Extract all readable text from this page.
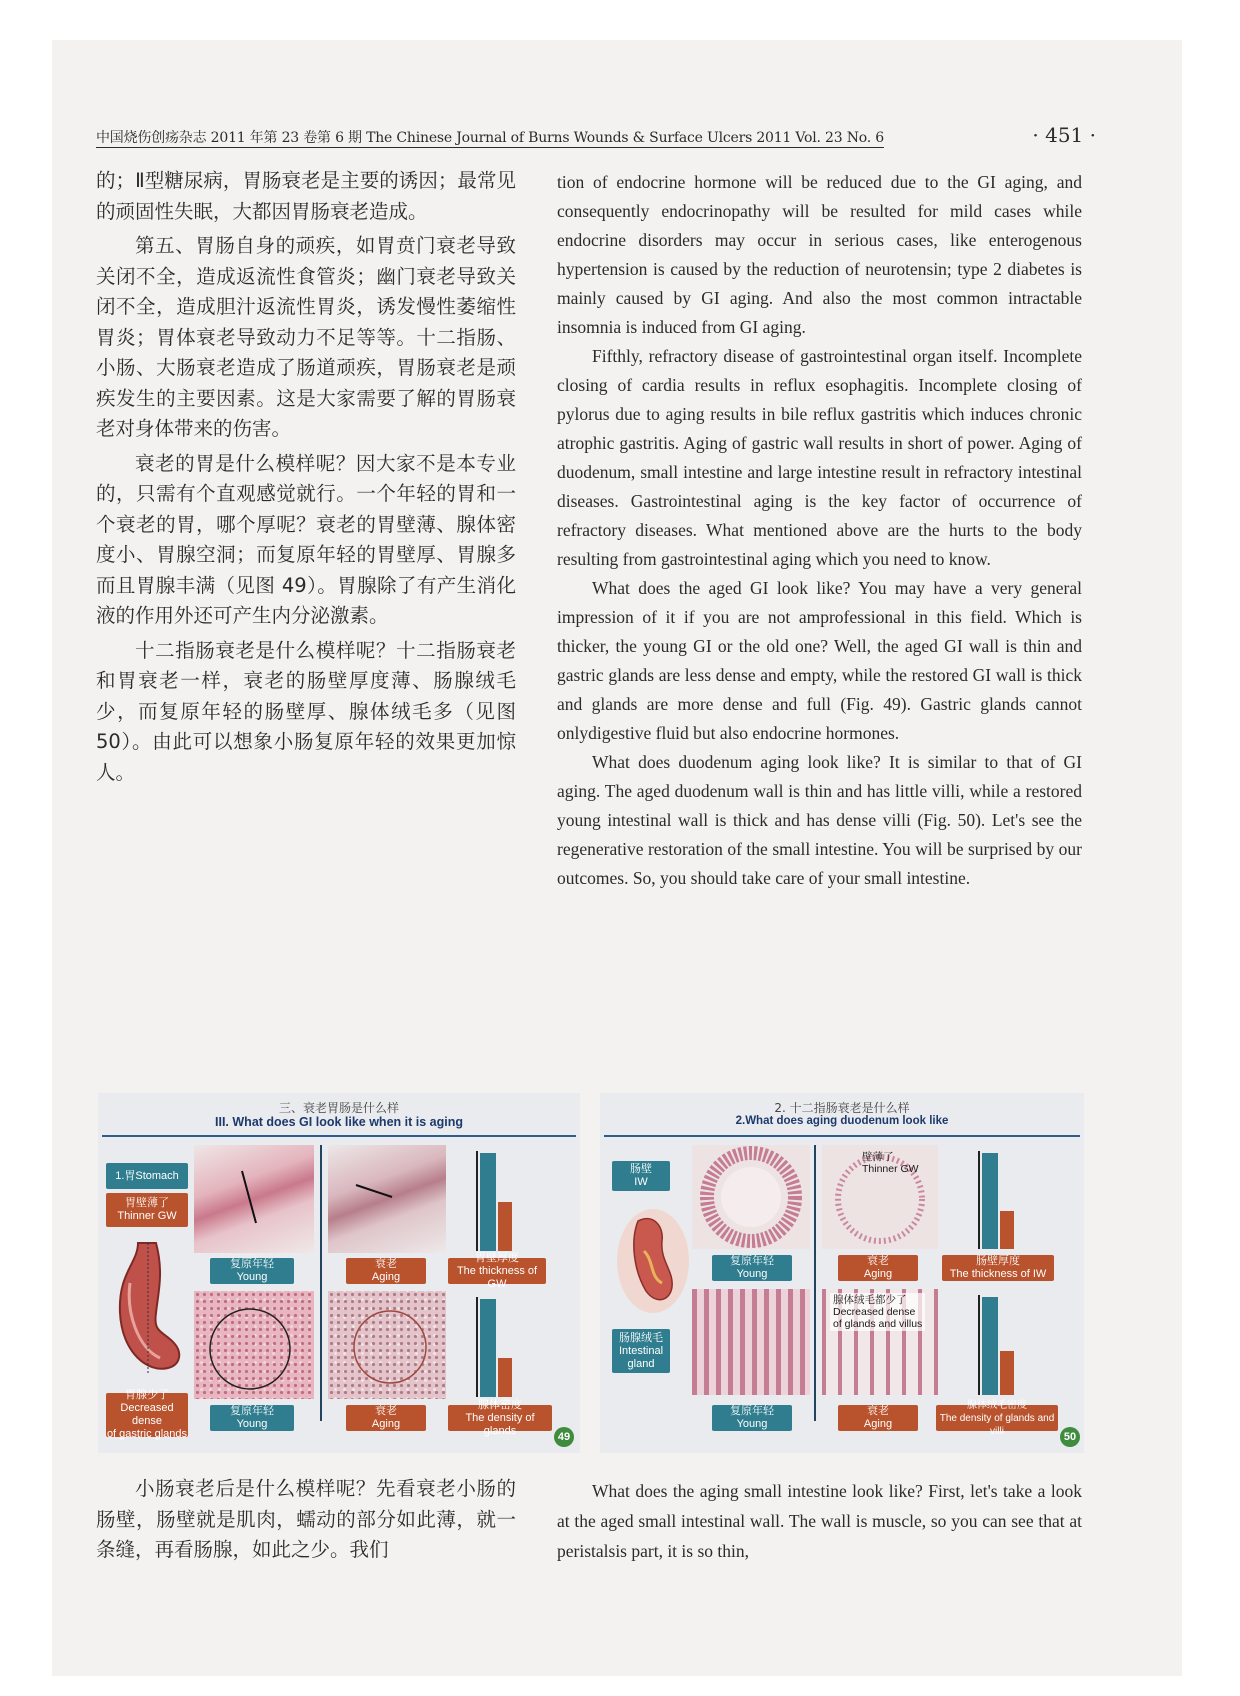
中国烧伤创疡杂志 2011 年第 23 卷第 6 期 The Chinese Journal of Burns Wounds & Surface Ulcers 2011 Vol. 23 No. 6	· 451 ·

的；Ⅱ型糖尿病，胃肠衰老是主要的诱因；最常见的顽固性失眠，大都因胃肠衰老造成。

第五、胃肠自身的顽疾，如胃贲门衰老导致关闭不全，造成返流性食管炎；幽门衰老导致关闭不全，造成胆汁返流性胃炎，诱发慢性萎缩性胃炎；胃体衰老导致动力不足等等。十二指肠、小肠、大肠衰老造成了肠道顽疾，胃肠衰老是顽疾发生的主要因素。这是大家需要了解的胃肠衰老对身体带来的伤害。

衰老的胃是什么模样呢？因大家不是本专业的，只需有个直观感觉就行。一个年轻的胃和一个衰老的胃，哪个厚呢？衰老的胃壁薄、腺体密度小、胃腺空洞；而复原年轻的胃壁厚、胃腺多而且胃腺丰满（见图 49）。胃腺除了有产生消化液的作用外还可产生内分泌激素。

十二指肠衰老是什么模样呢？十二指肠衰老和胃衰老一样，衰老的肠壁厚度薄、肠腺绒毛少，而复原年轻的肠壁厚、腺体绒毛多（见图 50）。由此可以想象小肠复原年轻的效果更加惊人。

tion of endocrine hormone will be reduced due to the GI aging, and consequently endocrinopathy will be resulted for mild cases while endocrine disorders may occur in serious cases, like enterogenous hypertension is caused by the reduction of neurotensin; type 2 diabetes is mainly caused by GI aging. And also the most common intractable insomnia is induced from GI aging.

Fifthly, refractory disease of gastrointestinal organ itself. Incomplete closing of cardia results in reflux esophagitis. Incomplete closing of pylorus due to aging results in bile reflux gastritis which induces chronic atrophic gastritis. Aging of gastric wall results in short of power. Aging of duodenum, small intestine and large intestine result in refractory intestinal diseases. Gastrointestinal aging is the key factor of occurrence of refractory diseases. What mentioned above are the hurts to the body resulting from gastrointestinal aging which you need to know.

What does the aged GI look like? You may have a very general impression of it if you are not amprofessional in this field. Which is thicker, the young GI or the old one? Well, the aged GI wall is thin and gastric glands are less dense and empty, while the restored GI wall is thick and glands are more dense and full (Fig. 49). Gastric glands cannot onlydigestive fluid but also endocrine hormones.

What does duodenum aging look like? It is similar to that of GI aging. The aged duodenum wall is thin and has little villi, while a restored young intestinal wall is thick and has dense villi (Fig. 50). Let's see the regenerative restoration of the small intestine. You will be surprised by our outcomes. So, you should take care of your small intestine.

三、衰老胃肠是什么样
III. What does GI look like when it is aging
1.胃Stomach
胃壁薄了
Thinner GW
胃腺少了
Decreased dense
of gastric glands
复原年轻
Young
衰老
Aging
胃壁厚度
The thickness of GW
复原年轻
Young
衰老
Aging
腺体密度
The density of glands
49
2. 十二指肠衰老是什么样
2.What does aging duodenum look like
肠壁
IW
肠腺绒毛
Intestinal
gland
壁薄了
Thinner GW
复原年轻
Young
衰老
Aging
肠壁厚度
The thickness of IW
腺体绒毛都少了
Decreased dense
of glands and villus
复原年轻
Young
衰老
Aging
腺体绒毛密度
The density of glands and villi	50

小肠衰老后是什么模样呢？先看衰老小肠的肠壁，肠壁就是肌肉，蠕动的部分如此薄，就一条缝，再看肠腺，如此之少。我们

What does the aging small intestine look like? First, let's take a look at the aged small intestinal wall. The wall is muscle, so you can see that at peristalsis part, it is so thin,
